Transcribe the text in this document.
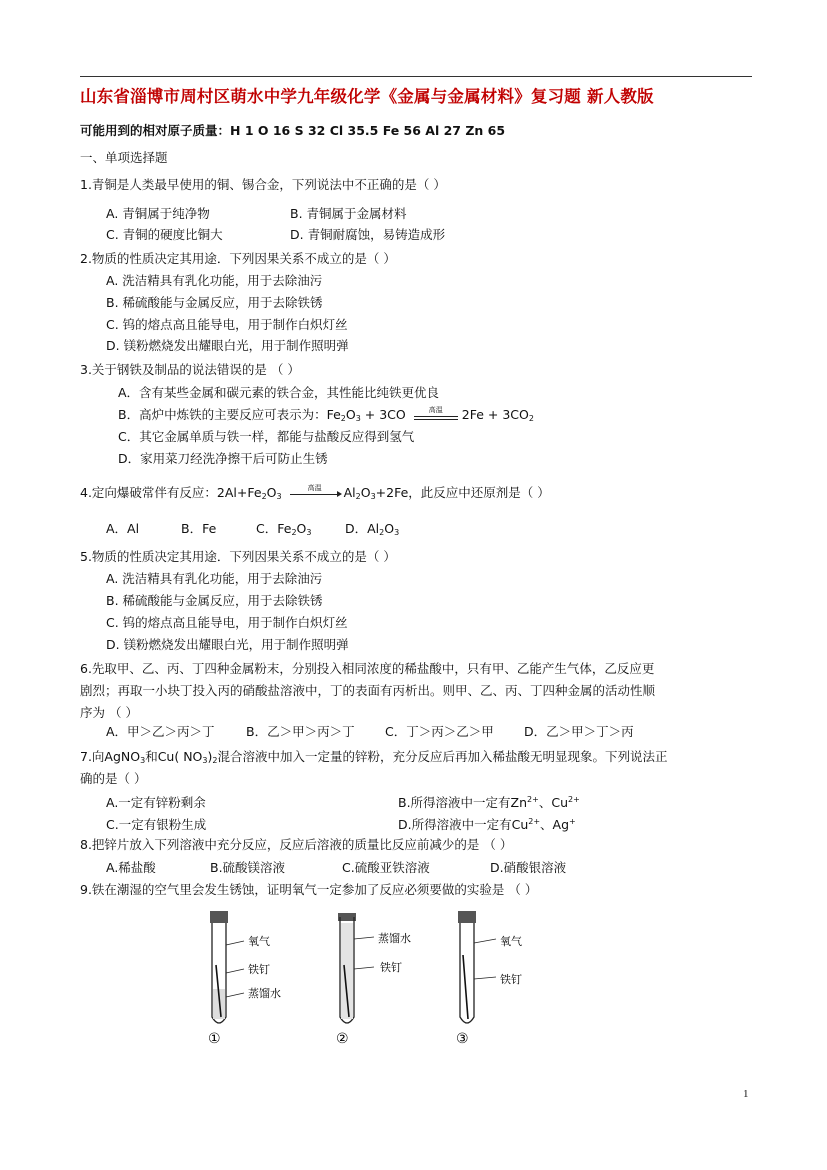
山东省淄博市周村区萌水中学九年级化学《金属与金属材料》复习题 新人教版
可能用到的相对原子质量：H 1 O 16 S 32 Cl 35.5 Fe 56 Al 27 Zn 65
一、单项选择题
1.青铜是人类最早使用的铜、锡合金，下列说法中不正确的是（ ）
A. 青铜属于纯净物	B. 青铜属于金属材料
C. 青铜的硬度比铜大	D. 青铜耐腐蚀，易铸造成形
2.物质的性质决定其用途．下列因果关系不成立的是（ ）
A. 洗洁精具有乳化功能，用于去除油污
B. 稀硫酸能与金属反应，用于去除铁锈
C. 钨的熔点高且能导电，用于制作白炽灯丝
D. 镁粉燃烧发出耀眼白光，用于制作照明弹
3.关于钢铁及制品的说法错误的是 （ ）
A．含有某些金属和碳元素的铁合金，其性能比纯铁更优良
B．高炉中炼铁的主要反应可表示为：$Fe_2O_3 + 3CO$	高温	$2Fe + 3CO_2$
C．其它金属单质与铁一样，都能与盐酸反应得到氢气
D．家用菜刀经洗净擦干后可防止生锈
4.定向爆破常伴有反应：$2Al+Fe_2O_3$
高温	$Al_2O_3+2Fe$，此反应中还原剂是（ ）
A．Al	B．Fe	C．$Fe_2O_3$	D．$Al_2O_3$
5.物质的性质决定其用途．下列因果关系不成立的是（ ）
A. 洗洁精具有乳化功能，用于去除油污
B. 稀硫酸能与金属反应，用于去除铁锈
C. 钨的熔点高且能导电，用于制作白炽灯丝
D. 镁粉燃烧发出耀眼白光，用于制作照明弹
6.先取甲、乙、丙、丁四种金属粉末，分别投入相同浓度的稀盐酸中，只有甲、乙能产生气体，乙反应更
剧烈；再取一小块丁投入丙的硝酸盐溶液中，丁的表面有丙析出。则甲、乙、丙、丁四种金属的活动性顺
序为 （ ）
A．甲＞乙＞丙＞丁	B．乙＞甲＞丙＞丁 C．丁＞丙＞乙＞甲 D．乙＞甲＞丁＞丙
7.向AgNO$_3$和Cu( $NO_3)_2$混合溶液中加入一定量的锌粉，充分反应后再加入稀盐酸无明显现象。下列说法正
确的是（ ）
A.一定有锌粉剩余	B.所得溶液中一定有$Zn^{2+}$、$Cu^{2+}$
C.一定有银粉生成	D.所得溶液中一定有$Cu^{2+}$、Ag+
8.把锌片放入下列溶液中充分反应，反应后溶液的质量比反应前减少的是 （ ）
A.稀盐酸	B.硫酸镁溶液	C.硫酸亚铁溶液	D.硝酸银溶液
9.铁在潮湿的空气里会发生锈蚀，证明氧气一定参加了反应必须要做的实验是 （ ）
氧气
铁钉
蒸馏水
①
蒸馏水
铁钉
②
氧气
铁钉
③
1
